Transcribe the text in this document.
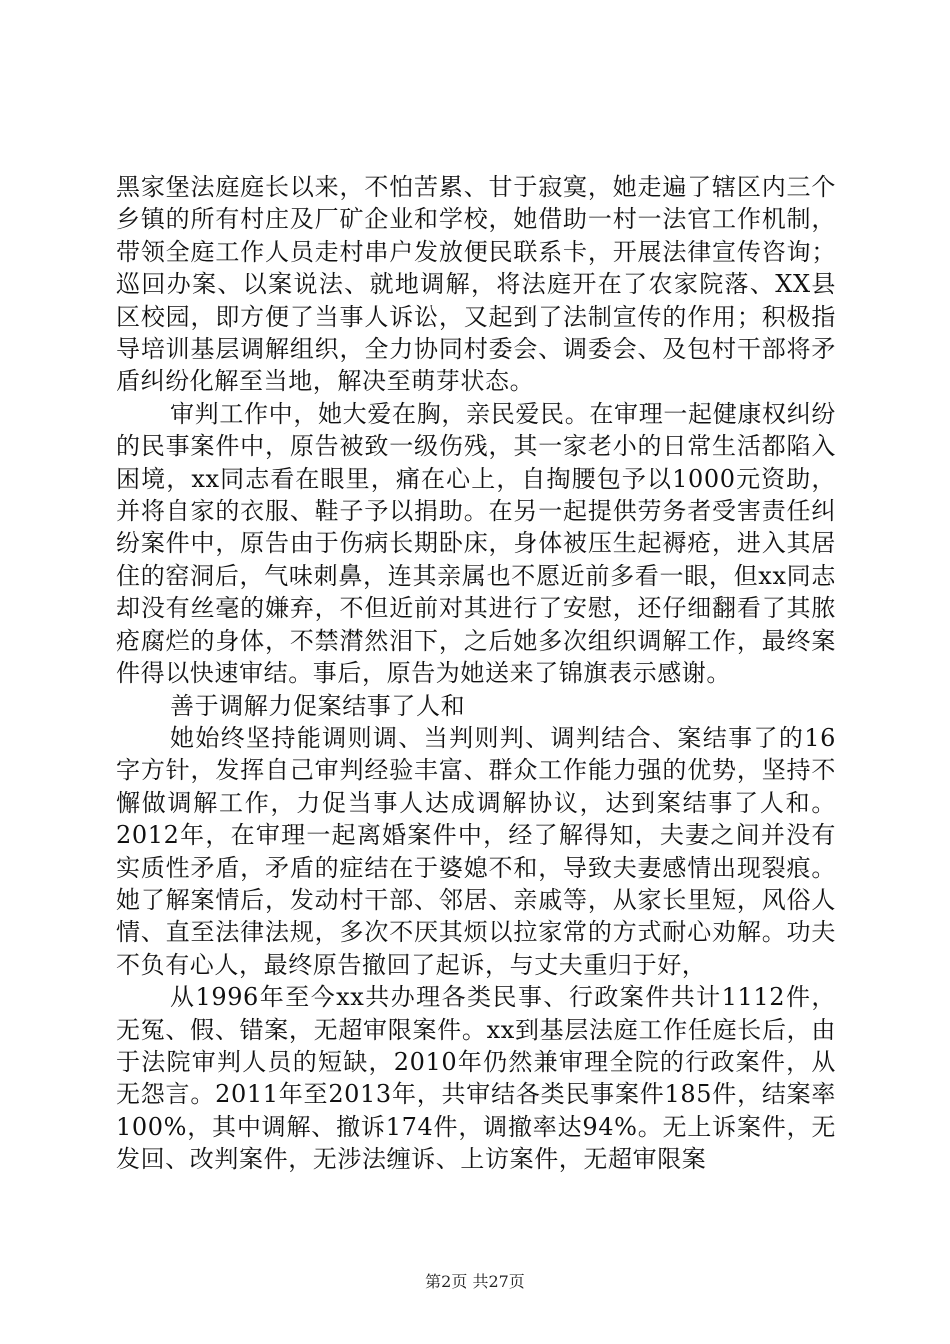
黑家堡法庭庭长以来，不怕苦累、甘于寂寞，她走遍了辖区内三个乡镇的所有村庄及厂矿企业和学校，她借助一村一法官工作机制，带领全庭工作人员走村串户发放便民联系卡，开展法律宣传咨询；巡回办案、以案说法、就地调解，将法庭开在了农家院落、XX县区校园，即方便了当事人诉讼，又起到了法制宣传的作用；积极指导培训基层调解组织，全力协同村委会、调委会、及包村干部将矛盾纠纷化解至当地，解决至萌芽状态。

审判工作中，她大爱在胸，亲民爱民。在审理一起健康权纠纷的民事案件中，原告被致一级伤残，其一家老小的日常生活都陷入困境，xx同志看在眼里，痛在心上，自掏腰包予以1000元资助，并将自家的衣服、鞋子予以捐助。在另一起提供劳务者受害责任纠纷案件中，原告由于伤病长期卧床，身体被压生起褥疮，进入其居住的窑洞后，气味刺鼻，连其亲属也不愿近前多看一眼，但xx同志却没有丝毫的嫌弃，不但近前对其进行了安慰，还仔细翻看了其脓疮腐烂的身体，不禁潸然泪下，之后她多次组织调解工作，最终案件得以快速审结。事后，原告为她送来了锦旗表示感谢。

善于调解力促案结事了人和

她始终坚持能调则调、当判则判、调判结合、案结事了的16字方针，发挥自己审判经验丰富、群众工作能力强的优势，坚持不懈做调解工作，力促当事人达成调解协议，达到案结事了人和。2012年，在审理一起离婚案件中，经了解得知，夫妻之间并没有实质性矛盾，矛盾的症结在于婆媳不和，导致夫妻感情出现裂痕。她了解案情后，发动村干部、邻居、亲戚等，从家长里短，风俗人情、直至法律法规，多次不厌其烦以拉家常的方式耐心劝解。功夫不负有心人，最终原告撤回了起诉，与丈夫重归于好，

从1996年至今xx共办理各类民事、行政案件共计1112件，无冤、假、错案，无超审限案件。xx到基层法庭工作任庭长后，由于法院审判人员的短缺，2010年仍然兼审理全院的行政案件，从无怨言。2011年至2013年，共审结各类民事案件185件，结案率100%，其中调解、撤诉174件，调撤率达94%。无上诉案件，无发回、改判案件，无涉法缠诉、上访案件，无超审限案

第2页 共27页
